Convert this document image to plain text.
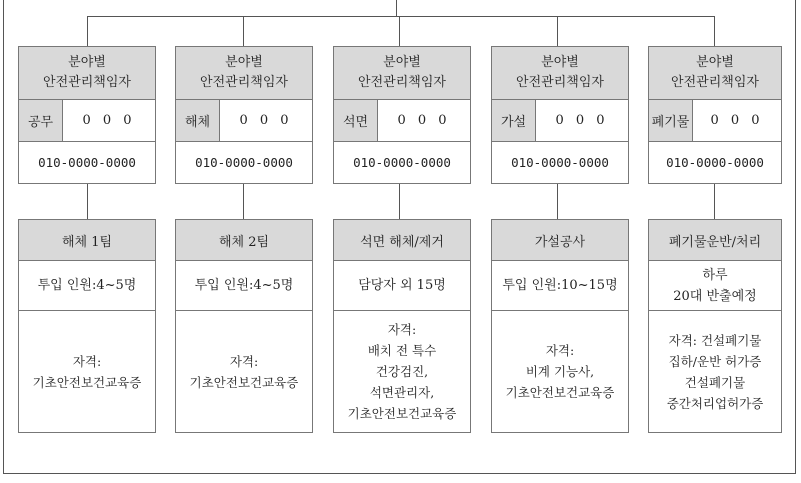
분야별
안전관리책임자
공무	0 0 0
010-0000-0000
분야별
안전관리책임자
해체	0 0 0
010-0000-0000
분야별
안전관리책임자
석면	0 0 0
010-0000-0000
분야별
안전관리책임자
가설	0 0 0
010-0000-0000
분야별
안전관리책임자
폐기물	0 0 0
010-0000-0000
해체 1팀
투입 인원:4~5명
자격:
기초안전보건교육증
해체 2팀
투입 인원:4~5명
자격:
기초안전보건교육증
석면 해체/제거
담당자 외 15명
자격:
배치 전 특수
건강검진,
석면관리자,
기초안전보건교육증
가설공사
투입 인원:10~15명
자격:
비계 기능사,
기초안전보건교육증
폐기물운반/처리
하루
20대 반출예정
자격: 건설폐기물
집하/운반 허가증
건설폐기물
중간처리업허가증
